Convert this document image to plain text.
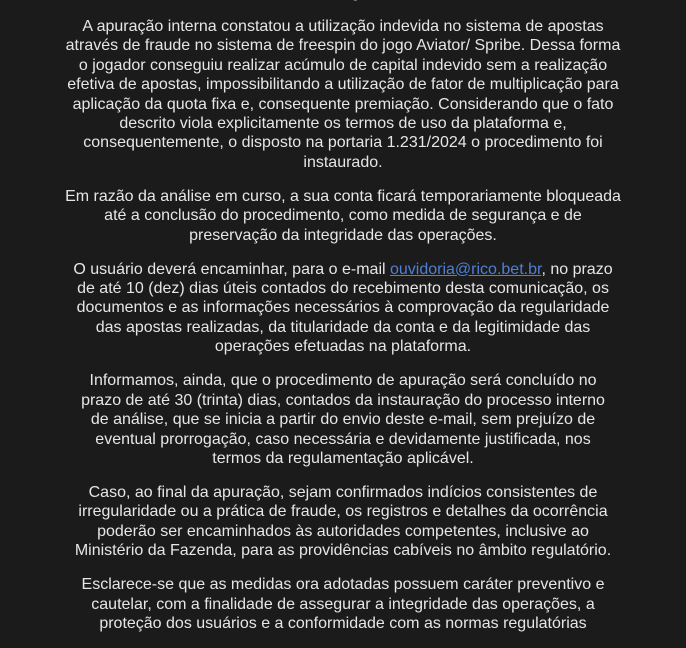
A apuração interna constatou a utilização indevida no sistema de apostas através de fraude no sistema de freespin do jogo Aviator/ Spribe. Dessa forma o jogador conseguiu realizar acúmulo de capital indevido sem a realização efetiva de apostas, impossibilitando a utilização de fator de multiplicação para aplicação da quota fixa e, consequente premiação. Considerando que o fato descrito viola explicitamente os termos de uso da plataforma e, consequentemente, o disposto na portaria 1.231/2024 o procedimento foi instaurado.

Em razão da análise em curso, a sua conta ficará temporariamente bloqueada até a conclusão do procedimento, como medida de segurança e de preservação da integridade das operações.

O usuário deverá encaminhar, para o e-mail ouvidoria@rico.bet.br, no prazo de até 10 (dez) dias úteis contados do recebimento desta comunicação, os documentos e as informações necessários à comprovação da regularidade das apostas realizadas, da titularidade da conta e da legitimidade das operações efetuadas na plataforma.

Informamos, ainda, que o procedimento de apuração será concluído no prazo de até 30 (trinta) dias, contados da instauração do processo interno de análise, que se inicia a partir do envio deste e-mail, sem prejuízo de eventual prorrogação, caso necessária e devidamente justificada, nos termos da regulamentação aplicável.

Caso, ao final da apuração, sejam confirmados indícios consistentes de irregularidade ou a prática de fraude, os registros e detalhes da ocorrência poderão ser encaminhados às autoridades competentes, inclusive ao Ministério da Fazenda, para as providências cabíveis no âmbito regulatório.

Esclarece-se que as medidas ora adotadas possuem caráter preventivo e cautelar, com a finalidade de assegurar a integridade das operações, a proteção dos usuários e a conformidade com as normas regulatórias
